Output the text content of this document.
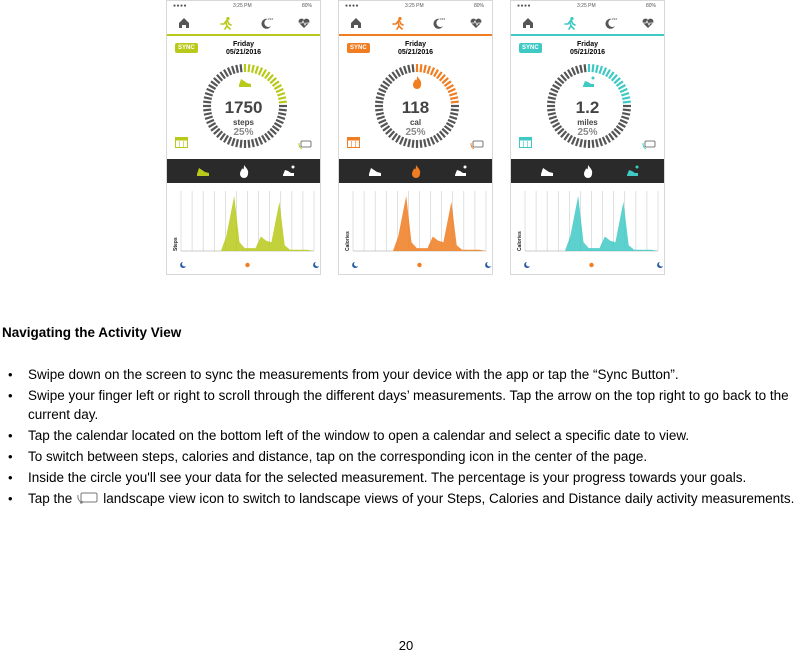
●●●●	3:25 PM	80%
zzz
SYNC	Friday
05/21/2016
1750
steps
25%
Steps
●●●●	3:25 PM	80%
zzz
SYNC	Friday
05/21/2016
118
cal
25%
Calories
●●●●	3:25 PM	80%
zzz
SYNC	Friday
05/21/2016
1.2
miles
25%
Calories
Navigating the Activity View
• Swipe down on the screen to sync the measurements from your device with the app or tap the “Sync Button”.
• Swipe your finger left or right to scroll through the different days’ measurements. Tap the arrow on the top right to go back to the current day.
• Tap the calendar located on the bottom left of the window to open a calendar and select a specific date to view.
• To switch between steps, calories and distance, tap on the corresponding icon in the center of the page.
• Inside the circle you'll see your data for the selected measurement. The percentage is your progress towards your goals.
• Tap the landscape view icon to switch to landscape views of your Steps, Calories and Distance daily activity measurements.
20
